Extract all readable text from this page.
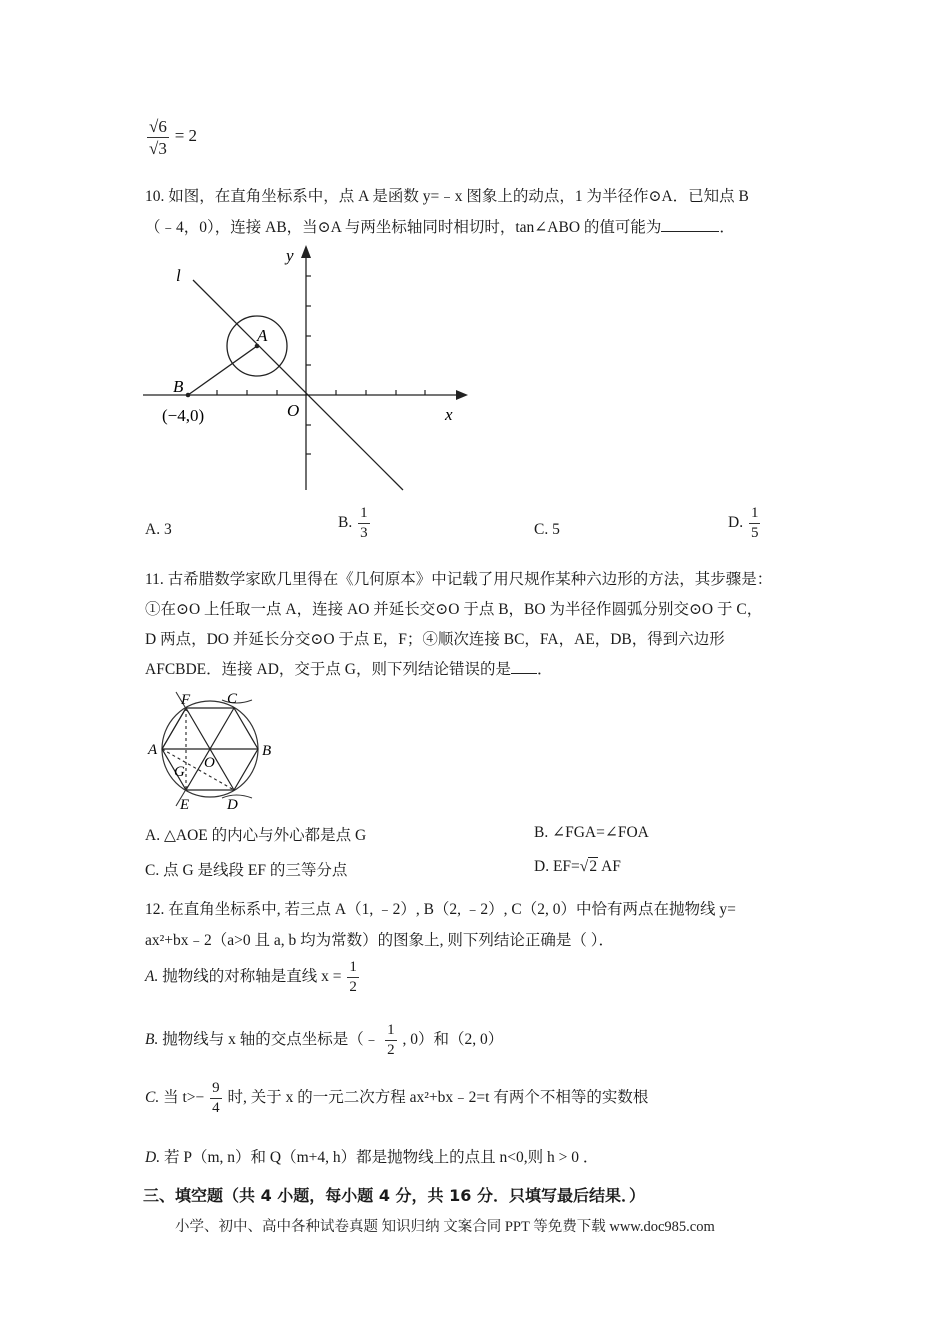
$\frac{√6}{√3} = 2$
10. 如图，在直角坐标系中，点 A 是函数 y=﹣x 图象上的动点，1 为半径作⊙A．已知点 B
（﹣4，0），连接 AB，当⊙A 与两坐标轴同时相切时，tan∠ABO 的值可能为	．
l
y
x
O
A
B
(−4,0)
A. 3	B. $\frac{1}{3}$	C. 5	D. $\frac{1}{5}$
11. 古希腊数学家欧几里得在《几何原本》中记载了用尺规作某种六边形的方法，其步骤是：
①在⊙O 上任取一点 A，连接 AO 并延长交⊙O 于点 B，BO 为半径作圆弧分别交⊙O 于 C，
D 两点，DO 并延长分交⊙O 于点 E，F；④顺次连接 BC，FA，AE，DB，得到六边形
AFCBDE．连接 AD，交于点 G，则下列结论错误的是 ．
F C
A	B
O
G
E	D
A. △AOE 的内心与外心都是点 G	B. ∠FGA=∠FOA
C. 点 G 是线段 EF 的三等分点	D. EF=√2 AF
12. 在直角坐标系中, 若三点 A（1, ﹣2）, B（2, ﹣2）, C（2, 0）中恰有两点在抛物线 y=
ax²+bx﹣2（a>0 且 a, b 均为常数）的图象上, 则下列结论正确是（ ）．
A. 抛物线的对称轴是直线 $x = \frac{1}{2}$
B. 抛物线与 x 轴的交点坐标是（﹣ $\frac{1}{2}$ , 0）和（2, 0）
C. 当 $t>- \frac{9}{4}$ 时, 关于 x 的一元二次方程 ax²+bx﹣2=t 有两个不相等的实数根
D. 若 P（m, n）和 Q（m+4, h）都是抛物线上的点且 n<0,则 h > 0 ．
三、填空题（共 4 小题，每小题 4 分，共 16 分．只填写最后结果．）
小学、初中、高中各种试卷真题 知识归纳 文案合同 PPT 等免费下载 www.doc985.com
